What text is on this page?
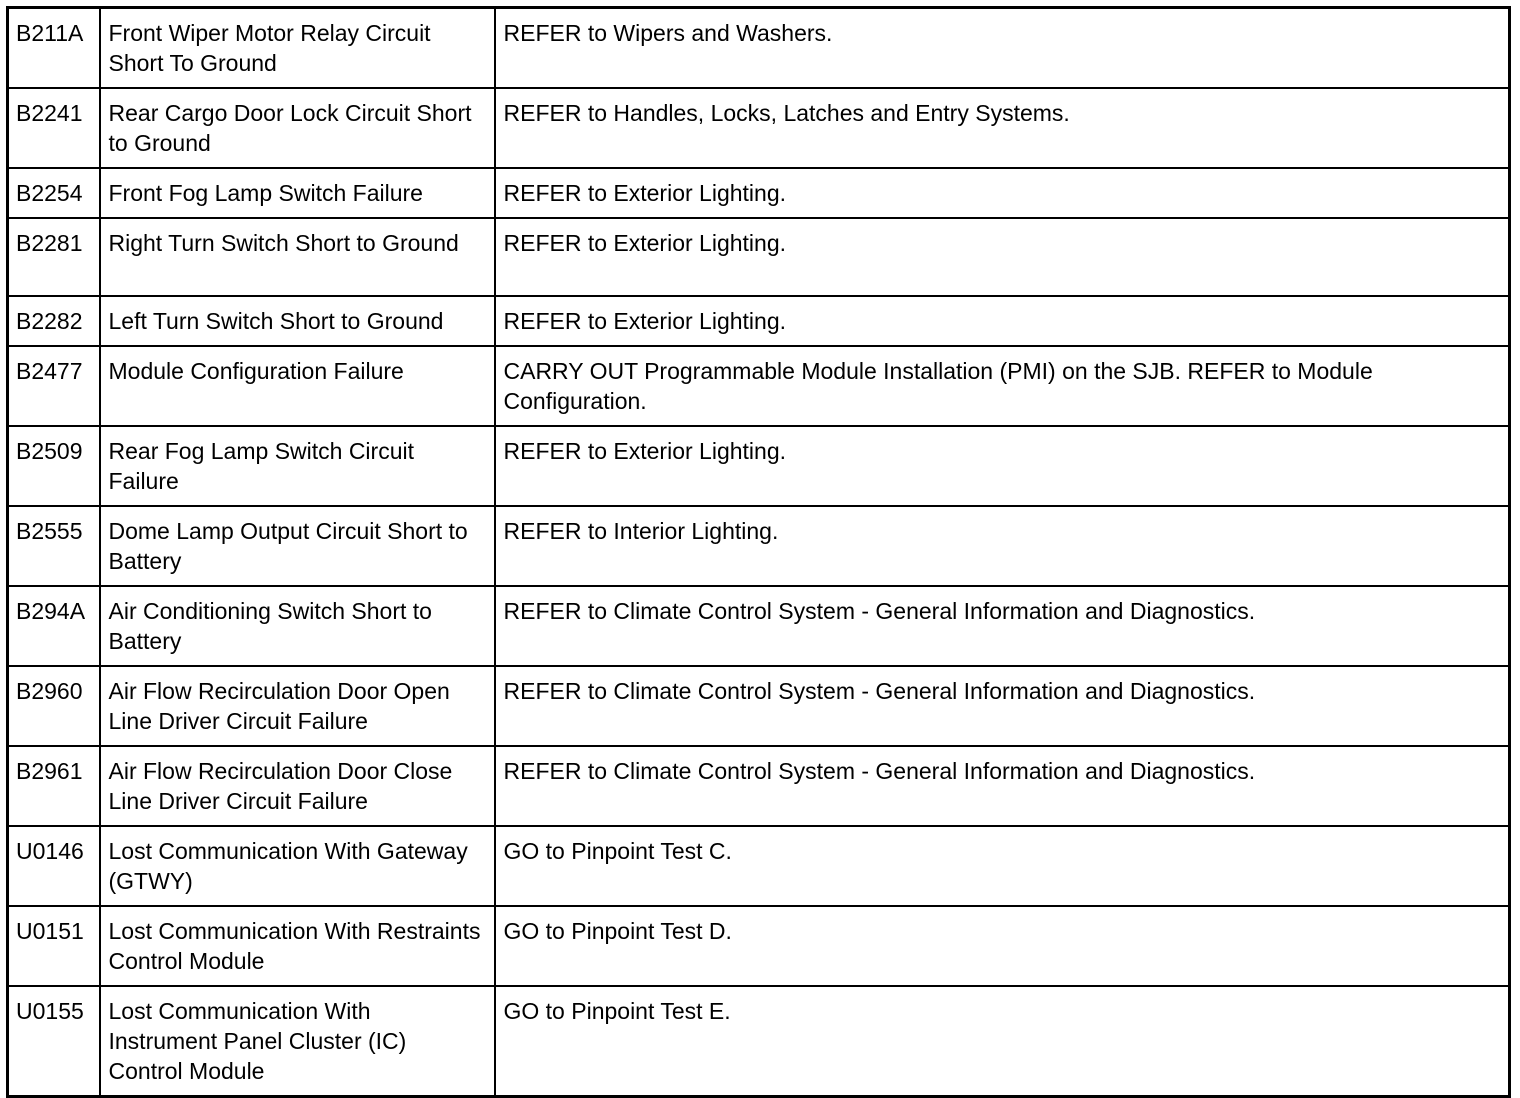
B211A	Front Wiper Motor Relay Circuit Short To Ground	REFER to Wipers and Washers.
B2241	Rear Cargo Door Lock Circuit Short to Ground	REFER to Handles, Locks, Latches and Entry Systems.
B2254	Front Fog Lamp Switch Failure	REFER to Exterior Lighting.
B2281	Right Turn Switch Short to Ground	REFER to Exterior Lighting.
B2282	Left Turn Switch Short to Ground	REFER to Exterior Lighting.
B2477	Module Configuration Failure	CARRY OUT Programmable Module Installation (PMI) on the SJB. REFER to Module Configuration.
B2509	Rear Fog Lamp Switch Circuit Failure	REFER to Exterior Lighting.
B2555	Dome Lamp Output Circuit Short to Battery	REFER to Interior Lighting.
B294A	Air Conditioning Switch Short to Battery	REFER to Climate Control System - General Information and Diagnostics.
B2960	Air Flow Recirculation Door Open Line Driver Circuit Failure	REFER to Climate Control System - General Information and Diagnostics.
B2961	Air Flow Recirculation Door Close Line Driver Circuit Failure	REFER to Climate Control System - General Information and Diagnostics.
U0146	Lost Communication With Gateway (GTWY)	GO to Pinpoint Test C.
U0151	Lost Communication With Restraints Control Module	GO to Pinpoint Test D.
U0155	Lost Communication With Instrument Panel Cluster (IC) Control Module	GO to Pinpoint Test E.
